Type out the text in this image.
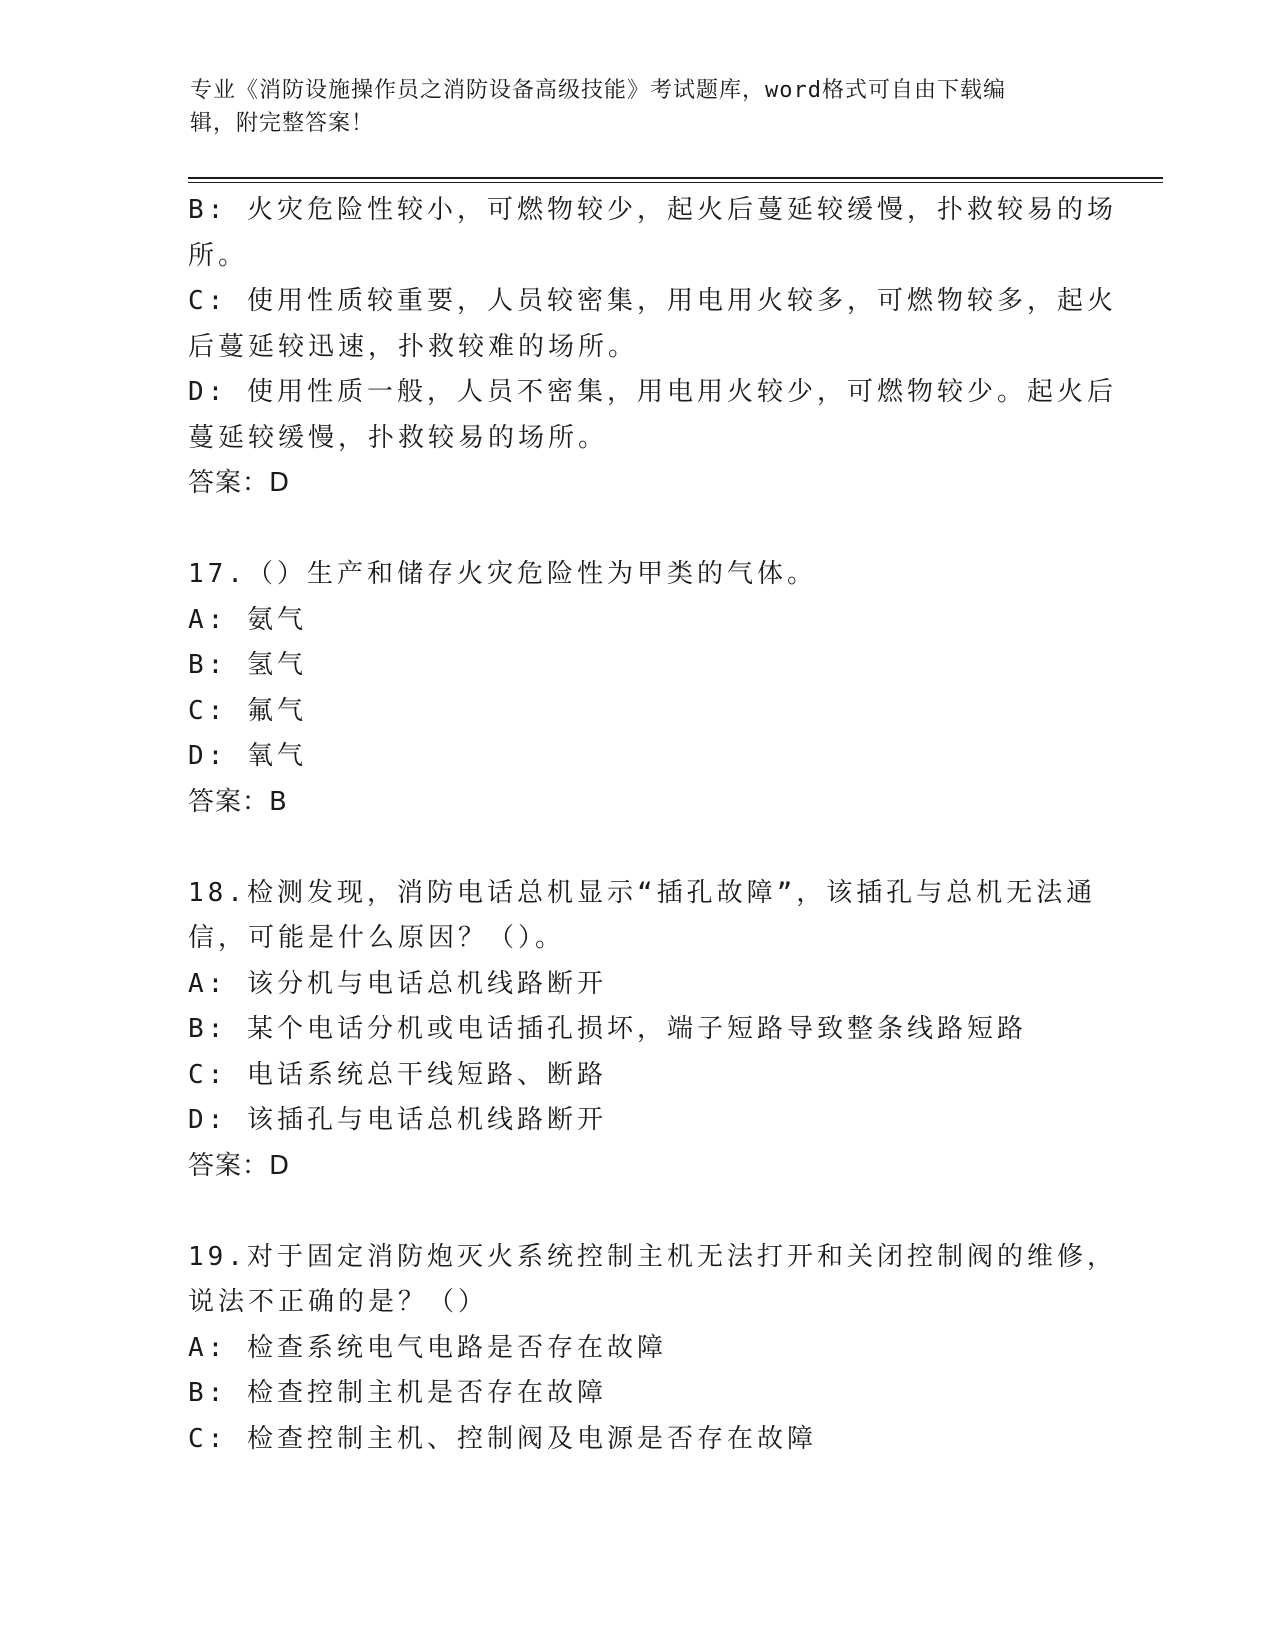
专业《消防设施操作员之消防设备高级技能》考试题库，word格式可自由下载编
辑，附完整答案！
B: 火灾危险性较小，可燃物较少，起火后蔓延较缓慢，扑救较易的场
所。
C: 使用性质较重要，人员较密集，用电用火较多，可燃物较多，起火
后蔓延较迅速，扑救较难的场所。
D: 使用性质一般，人员不密集，用电用火较少，可燃物较少。起火后
蔓延较缓慢，扑救较易的场所。
答案：D
17.（）生产和储存火灾危险性为甲类的气体。
A: 氨气
B: 氢气
C: 氟气
D: 氧气
答案：B
18.检测发现，消防电话总机显示“插孔故障”，该插孔与总机无法通
信，可能是什么原因？（）。
A: 该分机与电话总机线路断开
B: 某个电话分机或电话插孔损坏，端子短路导致整条线路短路
C: 电话系统总干线短路、断路
D: 该插孔与电话总机线路断开
答案：D
19.对于固定消防炮灭火系统控制主机无法打开和关闭控制阀的维修，
说法不正确的是？（）
A: 检查系统电气电路是否存在故障
B: 检查控制主机是否存在故障
C: 检查控制主机、控制阀及电源是否存在故障
